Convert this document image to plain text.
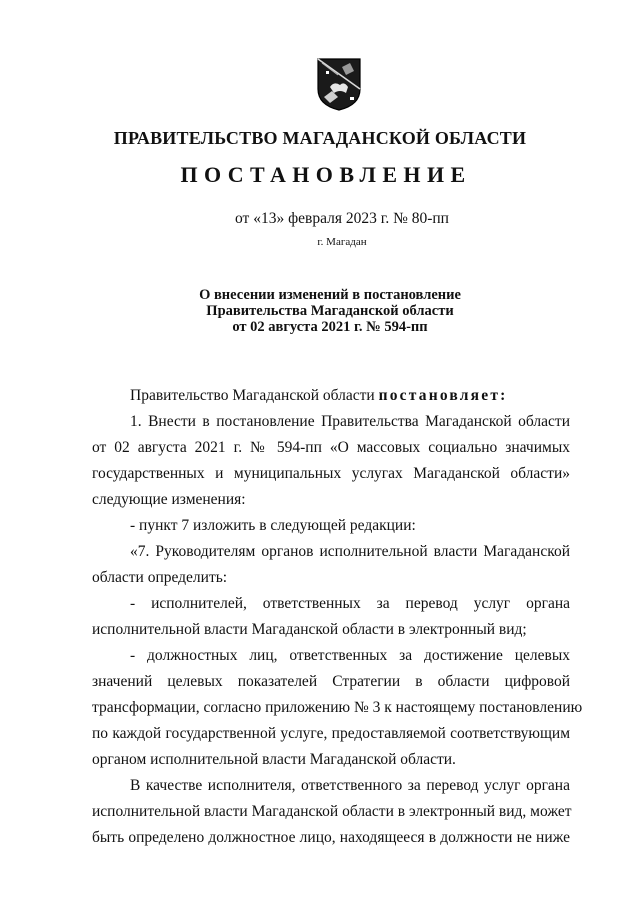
ПРАВИТЕЛЬСТВО МАГАДАНСКОЙ ОБЛАСТИ
ПОСТАНОВЛЕНИЕ
от «13» февраля 2023 г. № 80-пп
г. Магадан
О внесении изменений в постановление
Правительства Магаданской области
от 02 августа 2021 г. № 594-пп
Правительство Магаданской области постановляет:
1. Внести в постановление Правительства Магаданской области
от 02 августа 2021 г. № 594-пп «О массовых социально значимых
государственных и муниципальных услугах Магаданской области»
следующие изменения:
- пункт 7 изложить в следующей редакции:
«7. Руководителям органов исполнительной власти Магаданской
области определить:
- исполнителей, ответственных за перевод услуг органа
исполнительной власти Магаданской области в электронный вид;
- должностных лиц, ответственных за достижение целевых
значений целевых показателей Стратегии в области цифровой
трансформации, согласно приложению № 3 к настоящему постановлению
по каждой государственной услуге, предоставляемой соответствующим
органом исполнительной власти Магаданской области.
В качестве исполнителя, ответственного за перевод услуг органа
исполнительной власти Магаданской области в электронный вид, может
быть определено должностное лицо, находящееся в должности не ниже
